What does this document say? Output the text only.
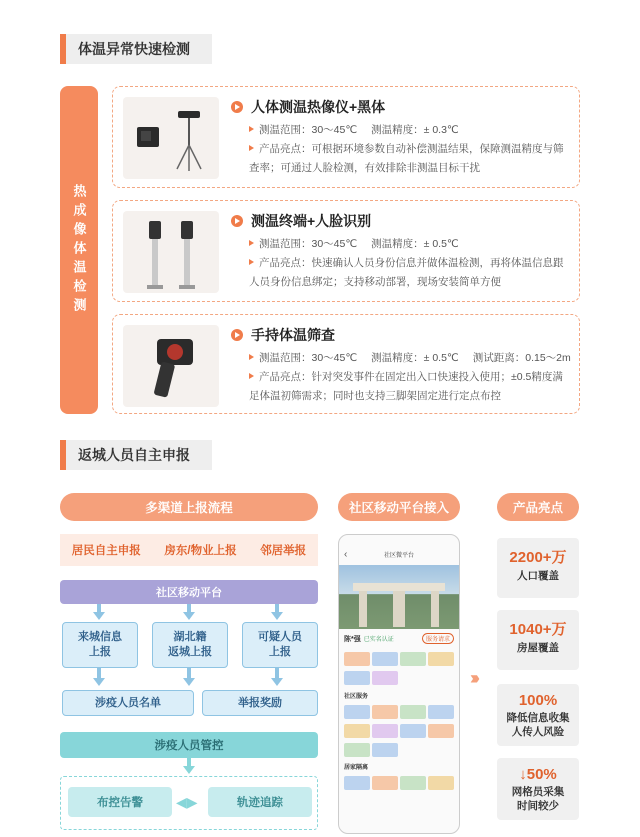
体温异常快速检测
热成像体温检测
人体测温热像仪+黑体
测温范围：30～45℃ 测温精度：± 0.3℃
产品亮点：可根据环境参数自动补偿测温结果，保障测温精度与筛查率；可通过人脸检测，有效排除非测温目标干扰
测温终端+人脸识别
测温范围：30～45℃ 测温精度：± 0.5℃
产品亮点：快速确认人员身份信息并做体温检测，再将体温信息跟人员身份信息绑定；支持移动部署，现场安装简单方便
手持体温筛查
测温范围：30～45℃ 测温精度：± 0.5℃ 测试距离：0.15～2m
产品亮点：针对突发事件在固定出入口快速投入使用；±0.5精度满足体温初筛需求；同时也支持三脚架固定进行定点布控
返城人员自主申报
多渠道上报流程	社区移动平台接入	产品亮点
居民自主申报 房东/物业上报 邻居举报
社区移动平台
来城信息
上报
湖北籍
返城上报
可疑人员
上报
涉疫人员名单	举报奖励
涉疫人员管控
布控告警	◀▶	轨迹追踪
‹	社区微平台
陈*强 已实名认证	服务请求
社区服务
居家隔离
›››
2200+万
人口覆盖
1040+万
房屋覆盖
100%
降低信息收集
人传人风险
↓50%
网格员采集
时间较少
